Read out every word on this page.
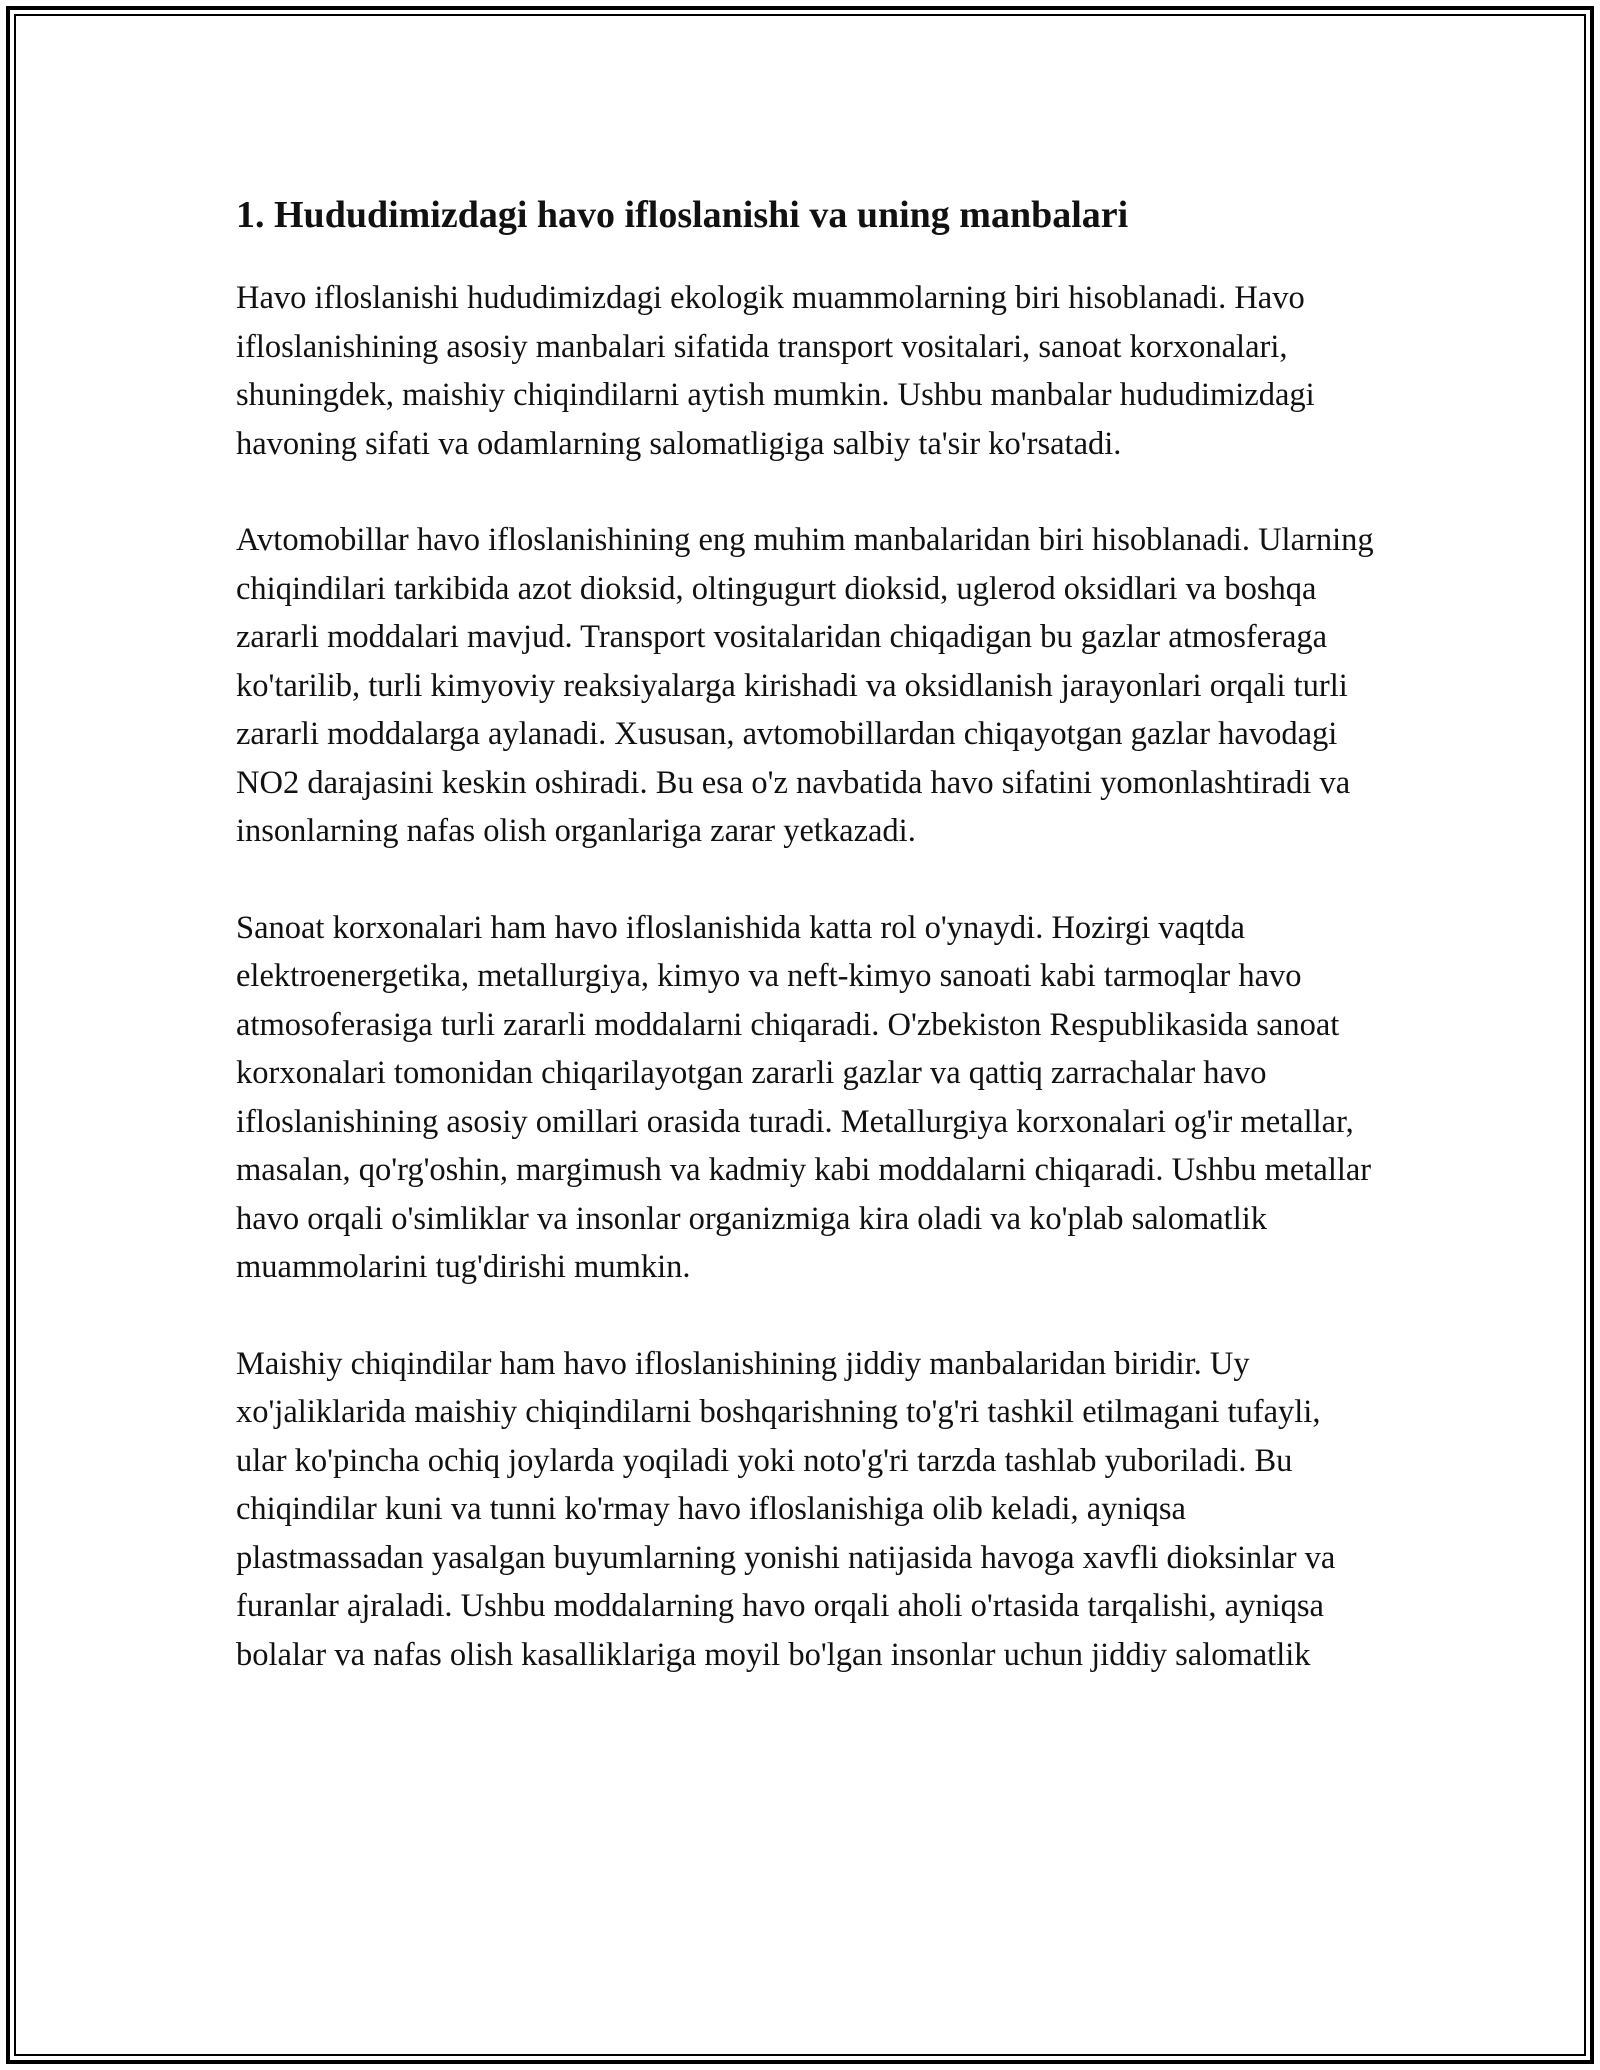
1. Hududimizdagi havo ifloslanishi va uning manbalari

Havo ifloslanishi hududimizdagi ekologik muammolarning biri hisoblanadi. Havo ifloslanishining asosiy manbalari sifatida transport vositalari, sanoat korxonalari, shuningdek, maishiy chiqindilarni aytish mumkin. Ushbu manbalar hududimizdagi havoning sifati va odamlarning salomatligiga salbiy ta'sir ko'rsatadi.

Avtomobillar havo ifloslanishining eng muhim manbalaridan biri hisoblanadi. Ularning chiqindilari tarkibida azot dioksid, oltingugurt dioksid, uglerod oksidlari va boshqa zararli moddalari mavjud. Transport vositalaridan chiqadigan bu gazlar atmosferaga ko'tarilib, turli kimyoviy reaksiyalarga kirishadi va oksidlanish jarayonlari orqali turli zararli moddalarga aylanadi. Xususan, avtomobillardan chiqayotgan gazlar havodagi NO2 darajasini keskin oshiradi. Bu esa o'z navbatida havo sifatini yomonlashtiradi va insonlarning nafas olish organlariga zarar yetkazadi.

Sanoat korxonalari ham havo ifloslanishida katta rol o'ynaydi. Hozirgi vaqtda elektroenergetika, metallurgiya, kimyo va neft-kimyo sanoati kabi tarmoqlar havo atmosoferasiga turli zararli moddalarni chiqaradi. O'zbekiston Respublikasida sanoat korxonalari tomonidan chiqarilayotgan zararli gazlar va qattiq zarrachalar havo ifloslanishining asosiy omillari orasida turadi. Metallurgiya korxonalari og'ir metallar, masalan, qo'rg'oshin, margimush va kadmiy kabi moddalarni chiqaradi. Ushbu metallar havo orqali o'simliklar va insonlar organizmiga kira oladi va ko'plab salomatlik muammolarini tug'dirishi mumkin.

Maishiy chiqindilar ham havo ifloslanishining jiddiy manbalaridan biridir. Uy xo'jaliklarida maishiy chiqindilarni boshqarishning to'g'ri tashkil etilmagani tufayli, ular ko'pincha ochiq joylarda yoqiladi yoki noto'g'ri tarzda tashlab yuboriladi. Bu chiqindilar kuni va tunni ko'rmay havo ifloslanishiga olib keladi, ayniqsa plastmassadan yasalgan buyumlarning yonishi natijasida havoga xavfli dioksinlar va furanlar ajraladi. Ushbu moddalarning havo orqali aholi o'rtasida tarqalishi, ayniqsa bolalar va nafas olish kasalliklariga moyil bo'lgan insonlar uchun jiddiy salomatlik
